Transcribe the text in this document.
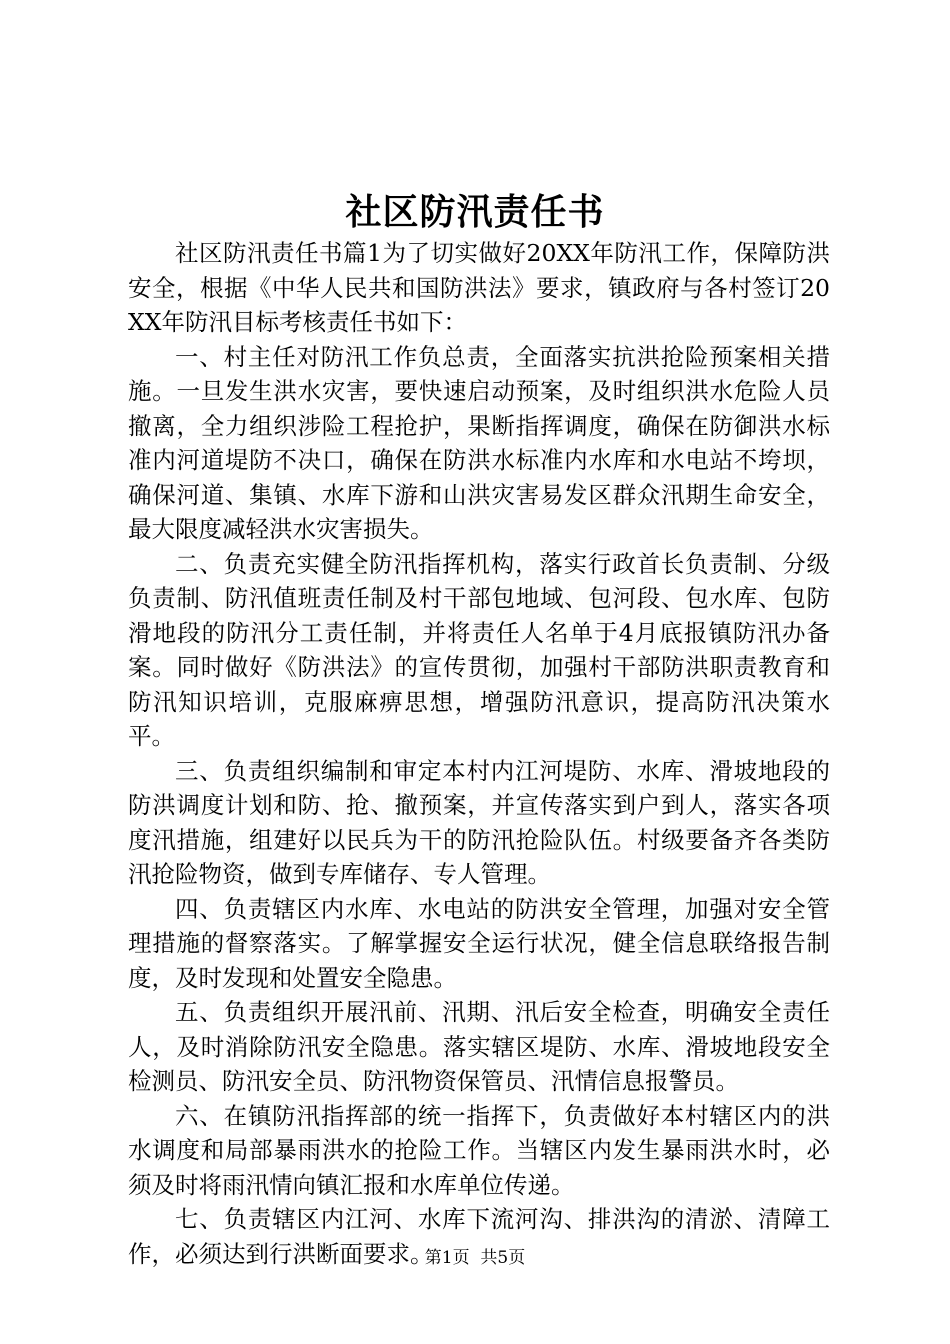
社区防汛责任书

社区防汛责任书篇1为了切实做好20XX年防汛工作，保障防洪安全，根据《中华人民共和国防洪法》要求，镇政府与各村签订20XX年防汛目标考核责任书如下：

一、村主任对防汛工作负总责，全面落实抗洪抢险预案相关措施。一旦发生洪水灾害，要快速启动预案，及时组织洪水危险人员撤离，全力组织涉险工程抢护，果断指挥调度，确保在防御洪水标准内河道堤防不决口，确保在防洪水标准内水库和水电站不垮坝，确保河道、集镇、水库下游和山洪灾害易发区群众汛期生命安全，最大限度减轻洪水灾害损失。

二、负责充实健全防汛指挥机构，落实行政首长负责制、分级负责制、防汛值班责任制及村干部包地域、包河段、包水库、包防滑地段的防汛分工责任制，并将责任人名单于4月底报镇防汛办备案。同时做好《防洪法》的宣传贯彻，加强村干部防洪职责教育和防汛知识培训，克服麻痹思想，增强防汛意识，提高防汛决策水平。

三、负责组织编制和审定本村内江河堤防、水库、滑坡地段的防洪调度计划和防、抢、撤预案，并宣传落实到户到人，落实各项度汛措施，组建好以民兵为干的防汛抢险队伍。村级要备齐各类防汛抢险物资，做到专库储存、专人管理。

四、负责辖区内水库、水电站的防洪安全管理，加强对安全管理措施的督察落实。了解掌握安全运行状况，健全信息联络报告制度，及时发现和处置安全隐患。

五、负责组织开展汛前、汛期、汛后安全检查，明确安全责任人，及时消除防汛安全隐患。落实辖区堤防、水库、滑坡地段安全检测员、防汛安全员、防汛物资保管员、汛情信息报警员。

六、在镇防汛指挥部的统一指挥下，负责做好本村辖区内的洪水调度和局部暴雨洪水的抢险工作。当辖区内发生暴雨洪水时，必须及时将雨汛情向镇汇报和水库单位传递。

七、负责辖区内江河、水库下流河沟、排洪沟的清淤、清障工作，必须达到行洪断面要求。

第1页 共5页
